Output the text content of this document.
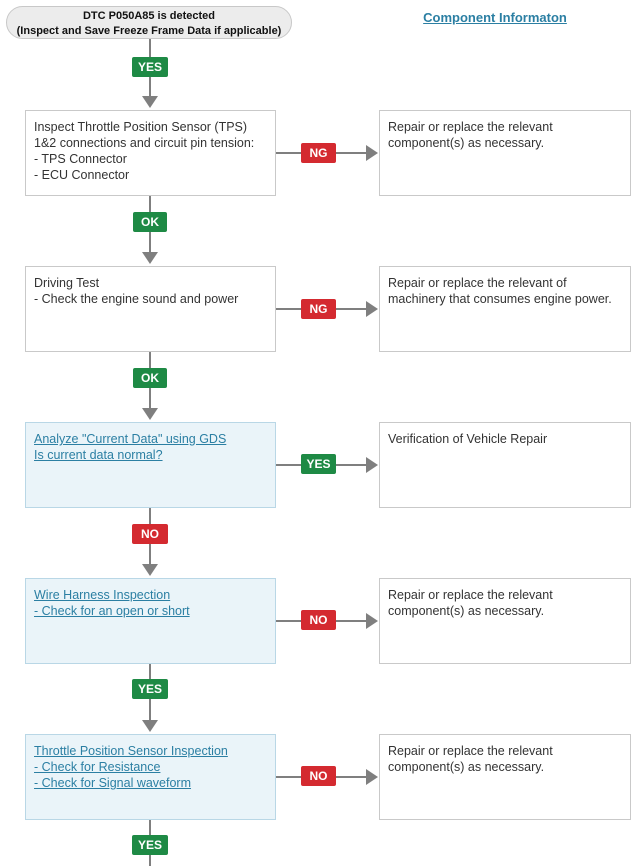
DTC P050A85 is detected
(Inspect and Save Freeze Frame Data if applicable)
Component Informaton
YES
Inspect Throttle Position Sensor (TPS)
1&2 connections and circuit pin tension:
- TPS Connector
- ECU Connector
NG
Repair or replace the relevant
component(s) as necessary.
OK
Driving Test
- Check the engine sound and power
NG
Repair or replace the relevant of
machinery that consumes engine power.
OK
Analyze "Current Data" using GDS
Is current data normal?
YES
Verification of Vehicle Repair
NO
Wire Harness Inspection
- Check for an open or short
NO
Repair or replace the relevant
component(s) as necessary.
YES
Throttle Position Sensor Inspection
- Check for Resistance
- Check for Signal waveform	NO
Repair or replace the relevant
component(s) as necessary.
YES
